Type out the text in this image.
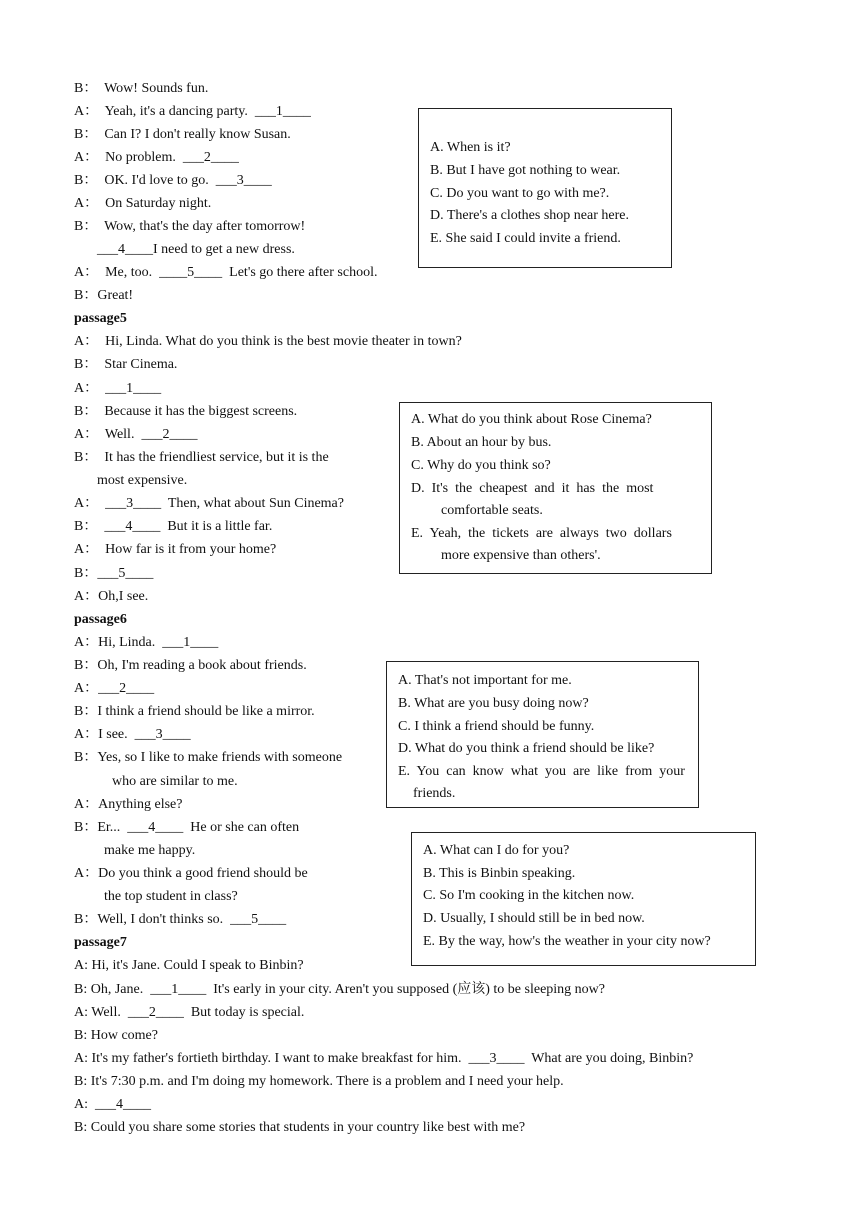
B：  Wow! Sounds fun.
A：  Yeah, it's a dancing party.  ___1____
B：  Can I? I don't really know Susan.
A：  No problem.  ___2____
B：  OK. I'd love to go.  ___3____
A：  On Saturday night.
B：  Wow, that's the day after tomorrow!
___4____I need to get a new dress.
A：  Me, too.  ____5____  Let's go there after school.
B：Great!
passage5
A：  Hi, Linda. What do you think is the best movie theater in town?
B：  Star Cinema.
A：  ___1____
B：  Because it has the biggest screens.
A：  Well.  ___2____
B：  It has the friendliest service, but it is the
most expensive.
A：  ___3____  Then, what about Sun Cinema?
B：  ___4____  But it is a little far.
A：  How far is it from your home?
B：___5____
A：Oh,I see.
passage6
A：Hi, Linda.  ___1____
B：Oh, I'm reading a book about friends.
A：___2____
B：I think a friend should be like a mirror.
A：I see.  ___3____
B：Yes, so I like to make friends with someone
who are similar to me.
A：Anything else?
B：Er...  ___4____  He or she can often
make me happy.
A：Do you think a good friend should be
the top student in class?
B：Well, I don't thinks so.  ___5____
passage7
A: Hi, it's Jane. Could I speak to Binbin?
B: Oh, Jane.  ___1____  It's early in your city. Aren't you supposed (应该) to be sleeping now?
A: Well.  ___2____  But today is special.
B: How come?
A: It's my father's fortieth birthday. I want to make breakfast for him.  ___3____  What are you doing, Binbin?
B: It's 7:30 p.m. and I'm doing my homework. There is a problem and I need your help.
A:  ___4____
B: Could you share some stories that students in your country like best with me?
A. When is it?
B. But I have got nothing to wear.
C. Do you want to go with me?.
D. There's a clothes shop near here.
E. She said I could invite a friend.
A. What do you think about Rose Cinema?
B. About an hour by bus.
C. Why do you think so?
D.  It's  the  cheapest  and  it  has  the  most
comfortable seats.
E.  Yeah,  the  tickets  are  always  two  dollars
more expensive than others'.
A. That's not important for me.
B. What are you busy doing now?
C. I think a friend should be funny.
D. What do you think a friend should be like?
E.  You  can  know  what  you  are  like  from  your
friends.
A. What can I do for you?
B. This is Binbin speaking.
C. So I'm cooking in the kitchen now.
D. Usually, I should still be in bed now.
E. By the way, how's the weather in your city now?
